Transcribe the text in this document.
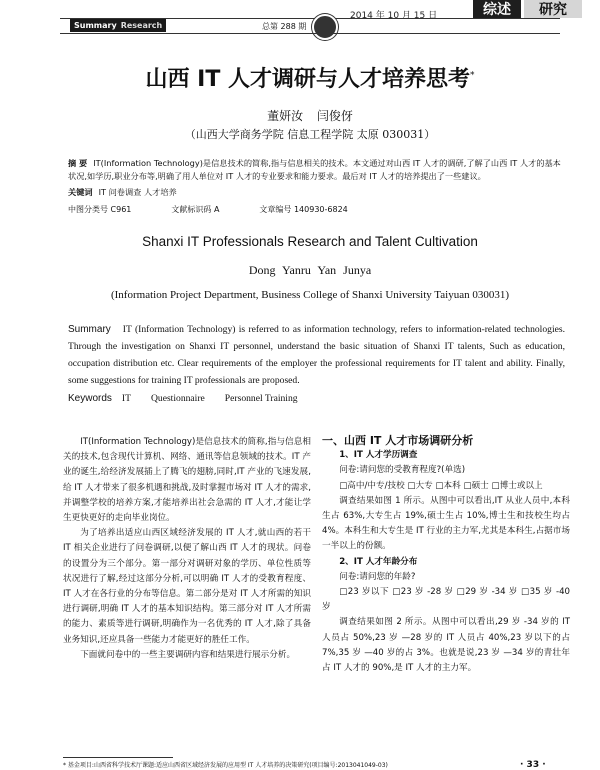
2014 年 10 月 15 日	综述	研究
Summary Research	总第 288 期
山西 IT 人才调研与人才培养思考*
董妍汝 闫俊伢
（山西大学商务学院 信息工程学院 太原 030031）
摘 要 IT(Information Technology)是信息技术的简称,指与信息相关的技术。本文通过对山西 IT 人才的调研,了解了山西 IT 人才的基本状况,如学历,职业分布等,明确了用人单位对 IT 人才的专业要求和能力要求。最后对 IT 人才的培养提出了一些建议。
关键词 IT 问卷调查 人才培养
中图分类号 C961	文献标识码 A	文章编号 140930-6824
Shanxi IT Professionals Research and Talent Cultivation
Dong Yanru Yan Junya
(Information Project Department, Business College of Shanxi University Taiyuan 030031)
Summary IT (Information Technology) is referred to as information technology, refers to information-related technologies. Through the investigation on Shanxi IT personnel, understand the basic situation of Shanxi IT talents, Such as education, occupation distribution etc. Clear requirements of the employer the professional requirements for IT talent and ability. Finally, some suggestions for training IT professionals are proposed.
Keywords IT Questionnaire Personnel Training

IT(Information Technology)是信息技术的简称,指与信息相关的技术,包含现代计算机、网络、通讯等信息领域的技术。IT 产业的诞生,给经济发展插上了腾飞的翅膀,同时,IT 产业的飞速发展,给 IT 人才带来了很多机遇和挑战,及时掌握市场对 IT 人才的需求,并调整学校的培养方案,才能培养出社会急需的 IT 人才,才能让学生更快更好的走向毕业岗位。

为了培养出适应山西区域经济发展的 IT 人才,就山西的若干 IT 相关企业进行了问卷调研,以便了解山西 IT 人才的现状。问卷的设置分为三个部分。第一部分对调研对象的学历、单位性质等状况进行了解,经过这部分分析,可以明确 IT 人才的受教育程度、IT 人才在各行业的分布等信息。第二部分是对 IT 人才所需的知识进行调研,明确 IT 人才的基本知识结构。第三部分对 IT 人才所需的能力、素质等进行调研,明确作为一名优秀的 IT 人才,除了具备业务知识,还应具备一些能力才能更好的胜任工作。

下面就问卷中的一些主要调研内容和结果进行展示分析。

一、山西 IT 人才市场调研分析

1、IT 人才学历调查

问卷:请问您的受教育程度?(单选)

□高中/中专/技校 □大专 □本科 □硕士 □博士或以上

调查结果如图 1 所示。从图中可以看出,IT 从业人员中,本科生占 63%,大专生占 19%,硕士生占 10%,博士生和技校生均占 4%。本科生和大专生是 IT 行业的主力军,尤其是本科生,占据市场一半以上的份额。

2、IT 人才年龄分布

问卷:请问您的年龄?

□23 岁以下 □23 岁 -28 岁 □29 岁 -34 岁 □35 岁 -40 岁

调查结果如图 2 所示。从图中可以看出,29 岁 -34 岁的 IT 人员占 50%,23 岁 —28 岁的 IT 人员占 40%,23 岁以下的占 7%,35 岁 —40 岁的占 3%。也就是说,23 岁 —34 岁的青壮年占 IT 人才的 90%,是 IT 人才的主力军。

* 基金项目:山西省科学技术厅课题:适应山西省区域经济发展的应用型 IT 人才培养的决策研究(项目编号:2013041049-03)	· 33 ·
